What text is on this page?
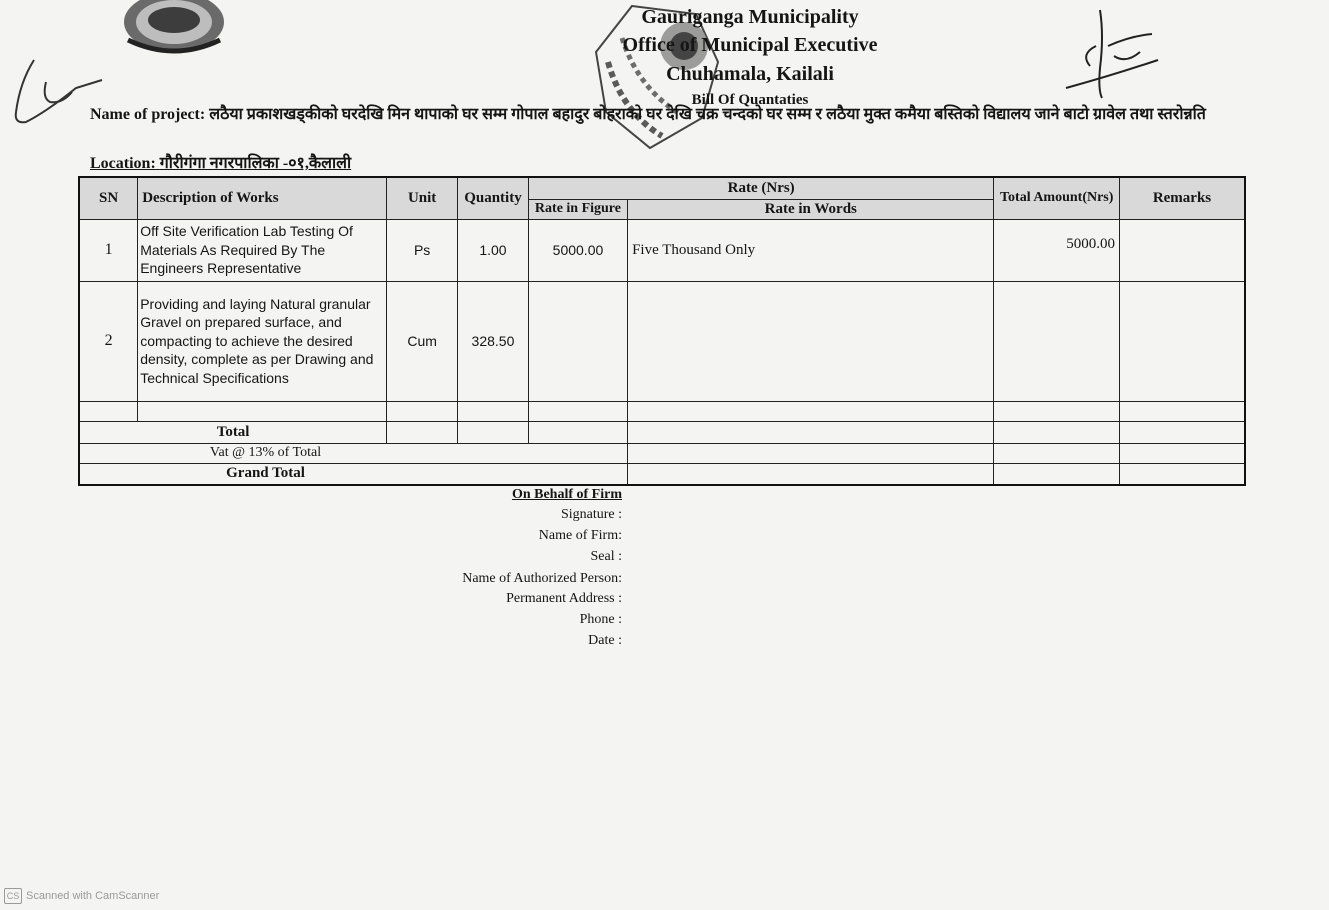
Gauriganga Municipality
Office of Municipal Executive
Chuhamala, Kailali
Bill Of Quantaties
Name of project: लठैया प्रकाशखड्कीको घरदेखि मिन थापाको घर सम्म गोपाल बहादुर बोहराको घर देखि चक्र चन्दको घर सम्म र लठैया मुक्त कमैया बस्तिको विद्यालय जाने बाटो ग्रावेल तथा स्तरोन्नति
Location: गौरीगंगा नगरपालिका -०१,कैलाली
SN	Description of Works	Unit	Quantity	Rate (Nrs)		Total Amount(Nrs)	Remarks
				Rate in Figure	Rate in Words		
1	Off Site Verification Lab Testing Of Materials As Required By The Engineers Representative	Ps	1.00	5000.00	Five Thousand Only	5000.00	
2	Providing and laying Natural granular Gravel on prepared surface, and compacting to achieve the desired density, complete as per Drawing and Technical Specifications	Cum	328.50				

Total							
Vat @ 13% of Total							
Grand Total							
On Behalf of Firm
Signature :
Name of Firm:
Seal :
Name of Authorized Person:
Permanent Address :
Phone :
Date :
CS Scanned with CamScanner
